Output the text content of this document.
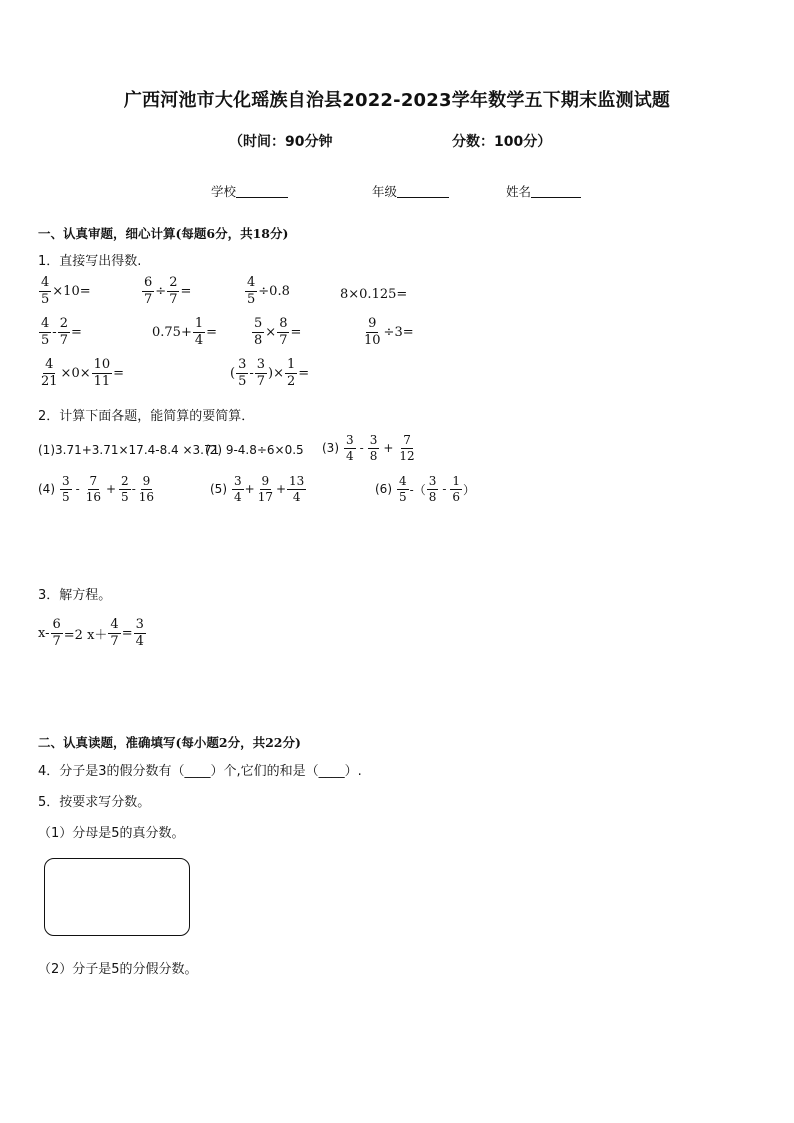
广西河池市大化瑶族自治县2022-2023学年数学五下期末监测试题
（时间：90分钟	分数：100分）
学校	年级	姓名
一、认真审题，细心计算(每题6分，共18分)
1．直接写出得数.
$\frac{4}{5} \times 10=$	$\frac{6}{7} \div \frac{2}{7}$ =	$\frac{4}{5} \div 0.8$	8×0.125=
$\frac{4}{5} - \frac{2}{7}$ =	$0.75+ \frac{1}{4}$ =	$\frac{5}{8} \times \frac{8}{7}$ =	$\frac{9}{10} \div 3=$
$\frac{4}{21} \times 0\times \frac{10}{11}$ =	( $\frac{3}{5} - \frac{3}{7}$ )× $\frac{1}{2}$ =
2．计算下面各题，能简算的要简算．
(1)3.71+3.71×17.4-8.4 ×3.71
(2) 9-4.8÷6×0.5 $(3) \frac{3}{4} - \frac{3}{8} + \frac{7}{12}$
$(4) \frac{3}{5} - \frac{7}{16} + \frac{2}{5} - \frac{9}{16}$	$(5) \frac{3}{4} + \frac{9}{17} + \frac{13}{4}$	$(6) \frac{4}{5}$ -（ $\frac{3}{8} - \frac{1}{6}$ ）
3．解方程。
$x- \frac{6}{7} =2$ $x+ \frac{4}{7} = \frac{3}{4}$
二、认真读题，准确填写(每小题2分，共22分)
4．分子是3的假分数有（____）个,它们的和是（____）.
5．按要求写分数。
（1）分母是5的真分数。
（2）分子是5的分假分数。
